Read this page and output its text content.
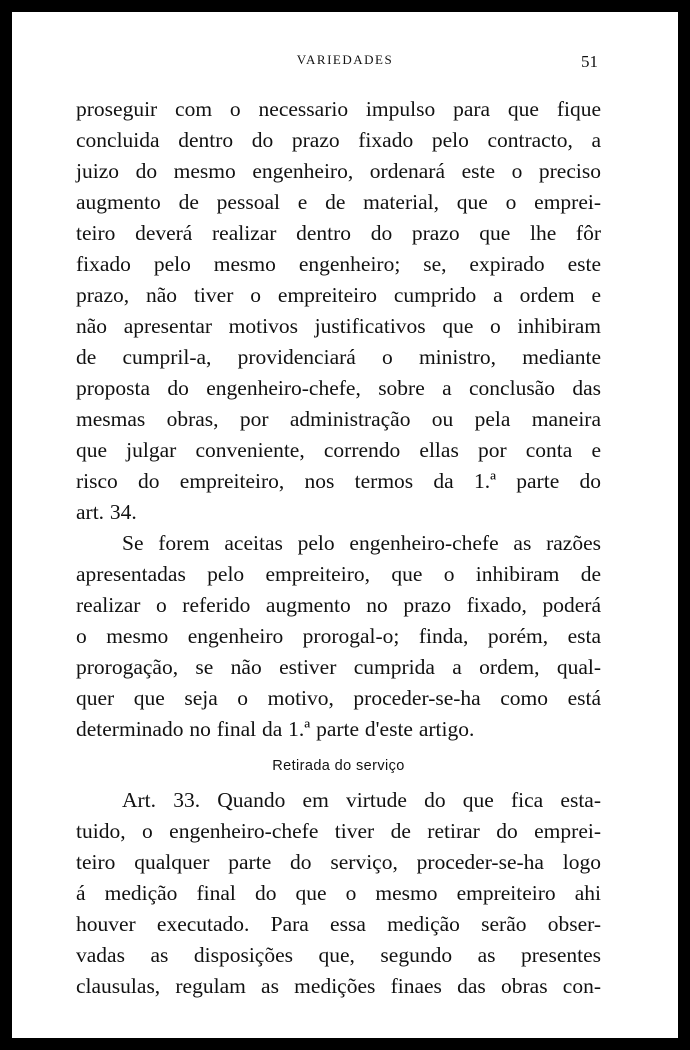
VARIEDADES	51

proseguir com o necessario impulso para que fique
concluida dentro do prazo fixado pelo contracto, a
juizo do mesmo engenheiro, ordenará este o preciso
augmento de pessoal e de material, que o emprei-
teiro deverá realizar dentro do prazo que lhe fôr
fixado pelo mesmo engenheiro; se, expirado este
prazo, não tiver o empreiteiro cumprido a ordem e
não apresentar motivos justificativos que o inhibiram
de cumpril-a, providenciará o ministro, mediante
proposta do engenheiro-chefe, sobre a conclusão das
mesmas obras, por administração ou pela maneira
que julgar conveniente, correndo ellas por conta e
risco do empreiteiro, nos termos da 1.ª parte do
art. 34.

Se forem aceitas pelo engenheiro-chefe as razões
apresentadas pelo empreiteiro, que o inhibiram de
realizar o referido augmento no prazo fixado, poderá
o mesmo engenheiro prorogal-o; finda, porém, esta
prorogação, se não estiver cumprida a ordem, qual-
quer que seja o motivo, proceder-se-ha como está
determinado no final da 1.ª parte d'este artigo.

Retirada do serviço

Art. 33. Quando em virtude do que fica esta-
tuido, o engenheiro-chefe tiver de retirar do emprei-
teiro qualquer parte do serviço, proceder-se-ha logo
á medição final do que o mesmo empreiteiro ahi
houver executado. Para essa medição serão obser-
vadas as disposições que, segundo as presentes
clausulas, regulam as medições finaes das obras con-
